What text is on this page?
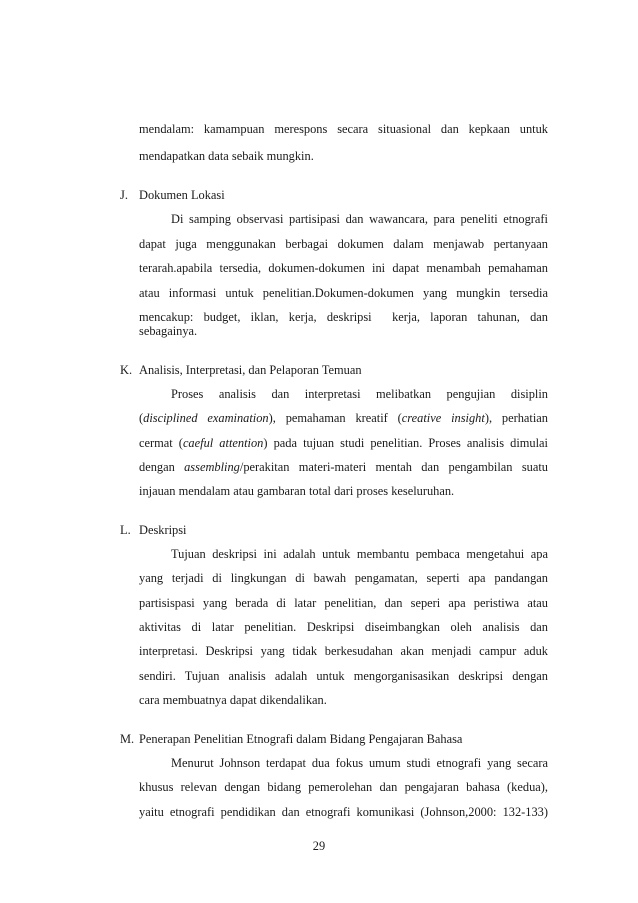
mendalam: kamampuan merespons secara situasional dan kepkaan untuk
mendapatkan data sebaik mungkin.
J. Dokumen Lokasi
Di samping observasi partisipasi dan wawancara, para peneliti etnografi
dapat juga menggunakan berbagai dokumen dalam menjawab pertanyaan
terarah.apabila tersedia, dokumen-dokumen ini dapat menambah pemahaman
atau informasi untuk penelitian.Dokumen-dokumen yang mungkin tersedia
mencakup: budget, iklan, kerja, deskripsi  kerja, laporan tahunan, dan
sebagainya.
K. Analisis, Interpretasi, dan Pelaporan Temuan
Proses analisis dan interpretasi melibatkan pengujian disiplin
(disciplined examination), pemahaman kreatif (creative insight), perhatian
cermat (caeful attention) pada tujuan studi penelitian. Proses analisis dimulai
dengan assembling/perakitan materi-materi mentah dan pengambilan suatu
injauan mendalam atau gambaran total dari proses keseluruhan.
L. Deskripsi
Tujuan deskripsi ini adalah untuk membantu pembaca mengetahui apa
yang terjadi di lingkungan di bawah pengamatan, seperti apa pandangan
partisispasi yang berada di latar penelitian, dan seperi apa peristiwa atau
aktivitas di latar penelitian. Deskripsi diseimbangkan oleh analisis dan
interpretasi. Deskripsi yang tidak berkesudahan akan menjadi campur aduk
sendiri. Tujuan analisis adalah untuk mengorganisasikan deskripsi dengan
cara membuatnya dapat dikendalikan.
M. Penerapan Penelitian Etnografi dalam Bidang Pengajaran Bahasa
Menurut Johnson terdapat dua fokus umum studi etnografi yang secara
khusus relevan dengan bidang pemerolehan dan pengajaran bahasa (kedua),
yaitu etnografi pendidikan dan etnografi komunikasi (Johnson,2000: 132-133)
29
